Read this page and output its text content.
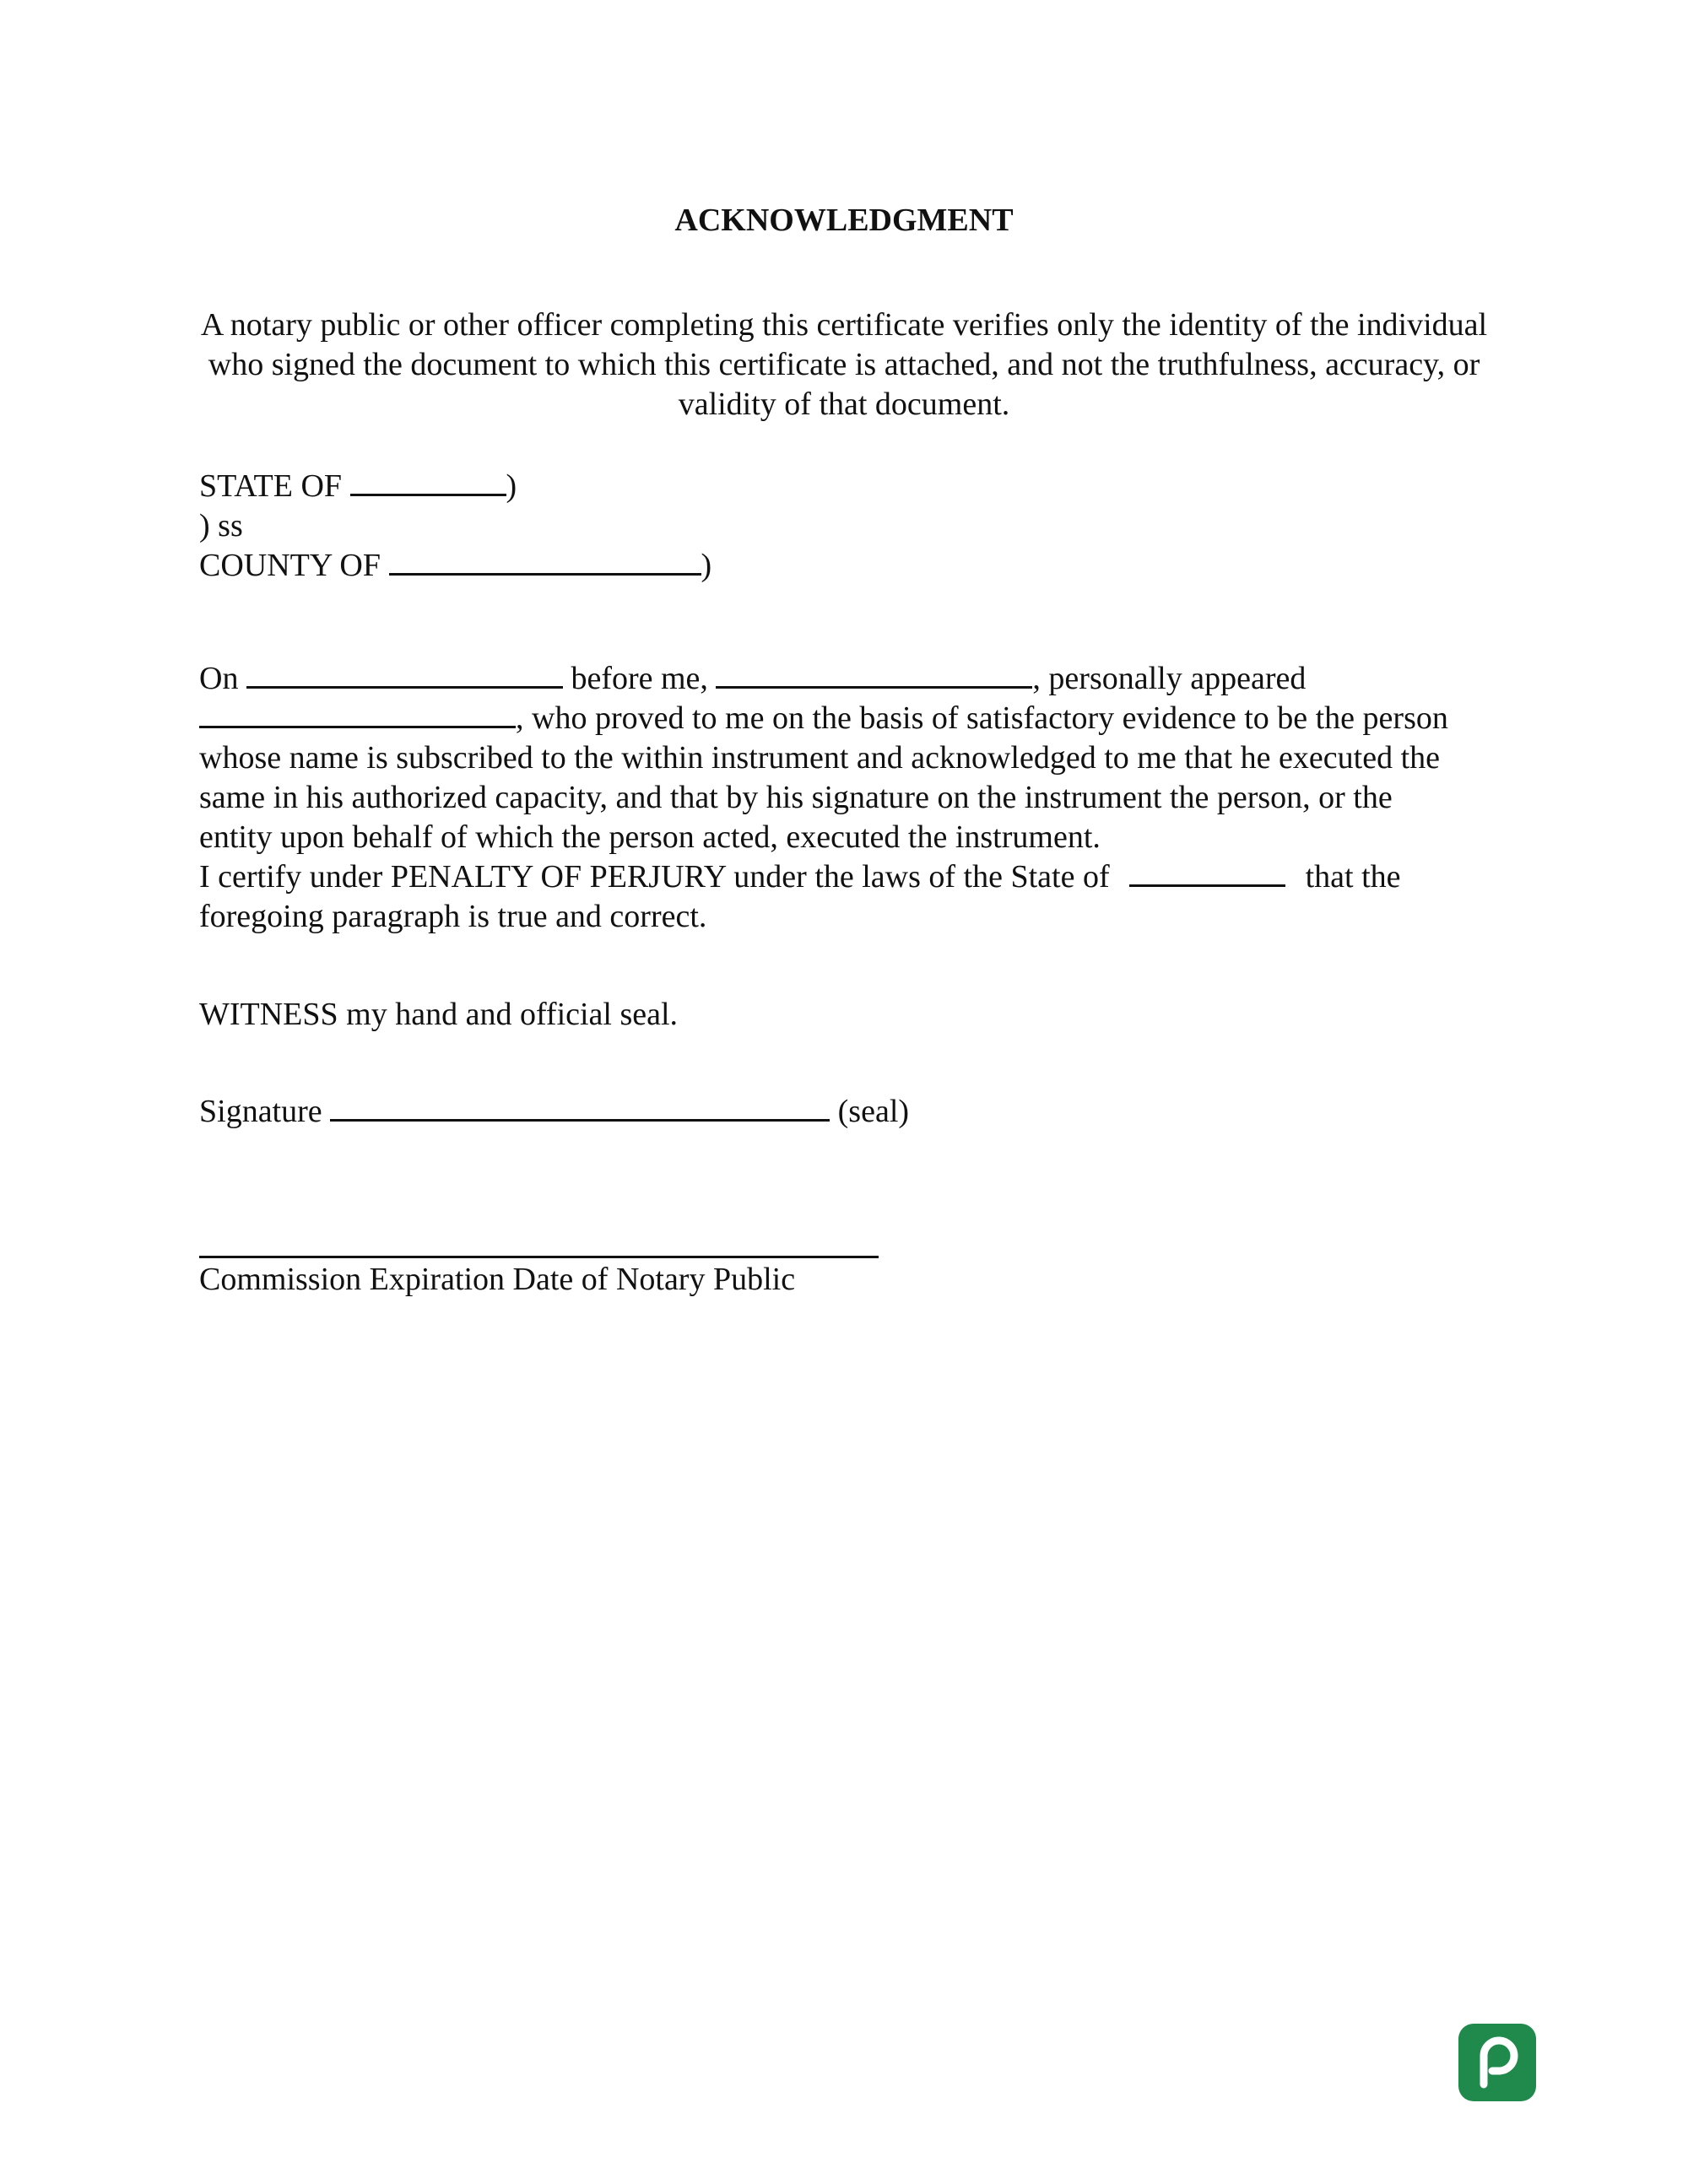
ACKNOWLEDGMENT
A notary public or other officer completing this certificate verifies only the identity of the individual who signed the document to which this certificate is attached, and not the truthfulness, accuracy, or validity of that document.
STATE OF	)
) ss
COUNTY OF	)
On	before me,	, personally appeared
, who proved to me on the basis of satisfactory evidence to be the person
whose name is subscribed to the within instrument and acknowledged to me that he executed the
same in his authorized capacity, and that by his signature on the instrument the person, or the
entity upon behalf of which the person acted, executed the instrument.
I certify under PENALTY OF PERJURY under the laws of the State of	that the
foregoing paragraph is true and correct.
WITNESS my hand and official seal.
Signature	(seal)
Commission Expiration Date of Notary Public
